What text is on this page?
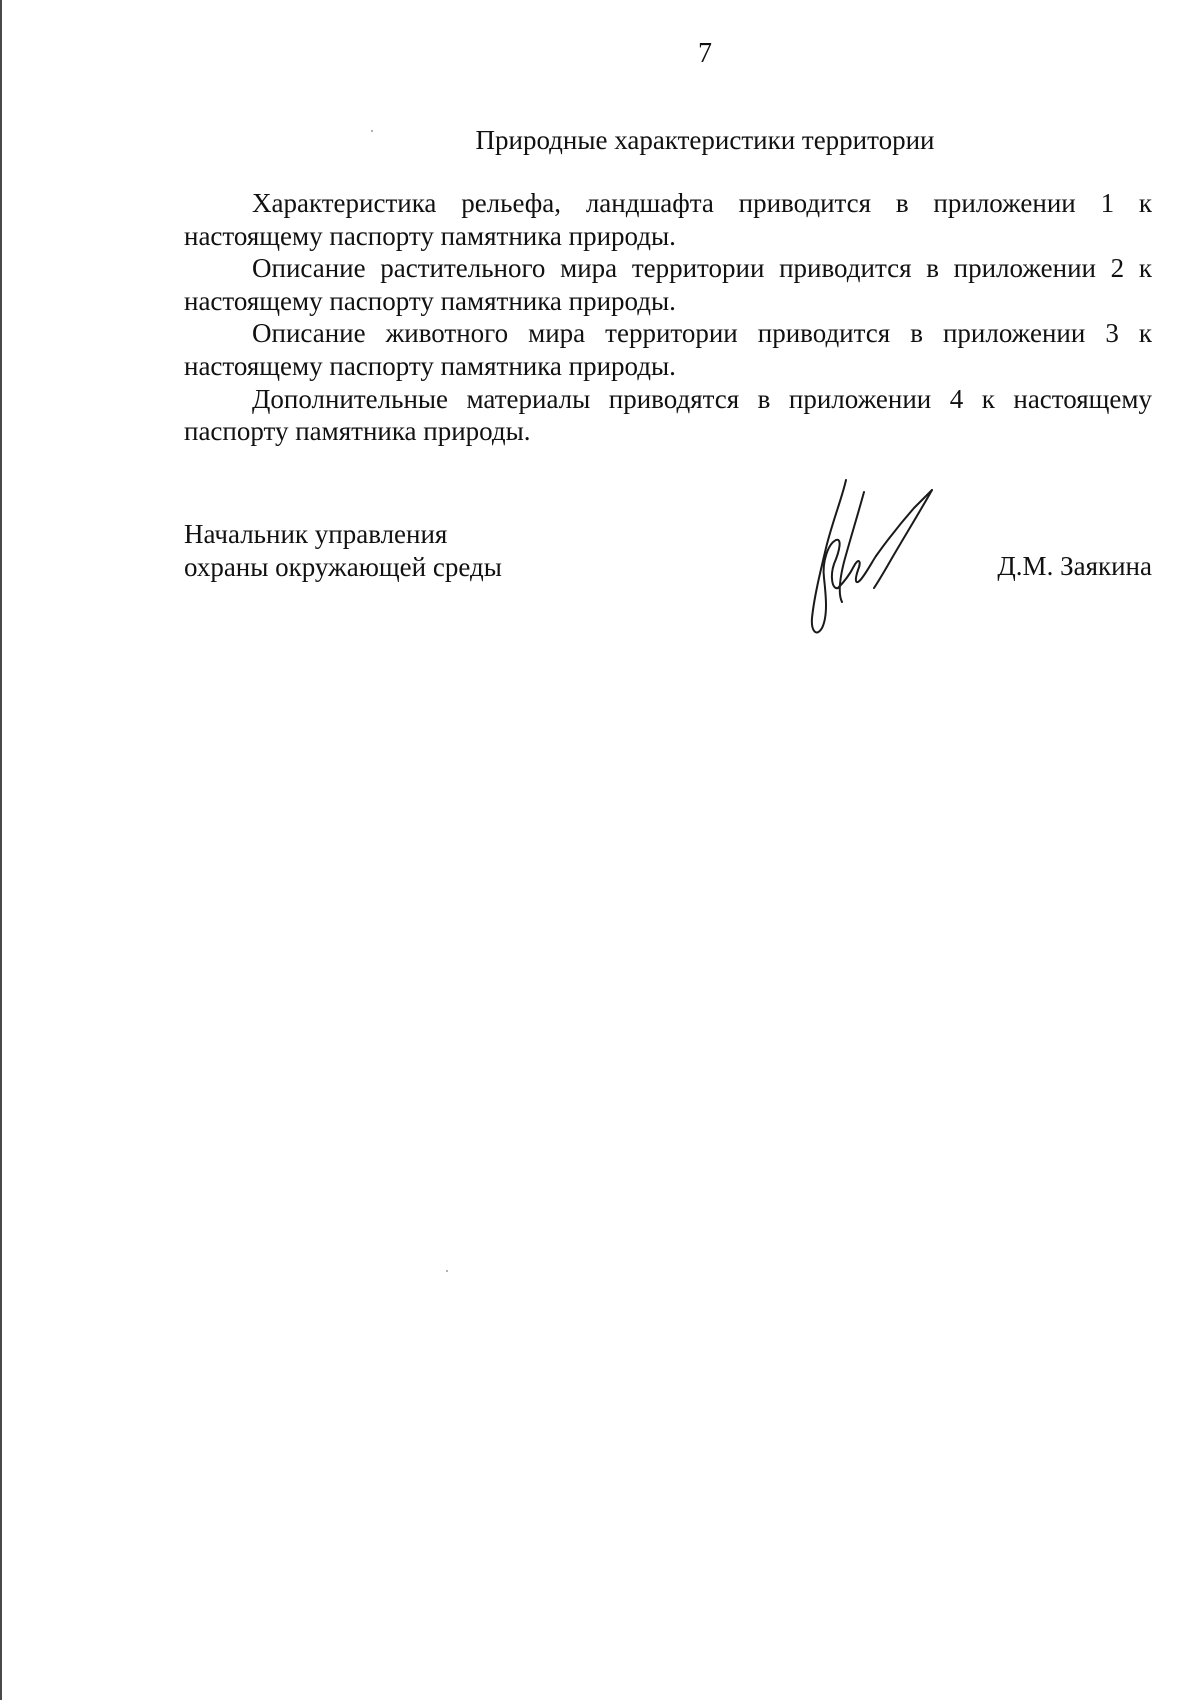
7
Природные характеристики территории

Характеристика рельефа, ландшафта приводится в приложении 1 к настоящему паспорту памятника природы.

Описание растительного мира территории приводится в приложении 2 к настоящему паспорту памятника природы.

Описание животного мира территории приводится в приложении 3 к настоящему паспорту памятника природы.

Дополнительные материалы приводятся в приложении 4 к настоящему паспорту памятника природы.

Начальник управления
охраны окружающей среды	Д.М. Заякина
